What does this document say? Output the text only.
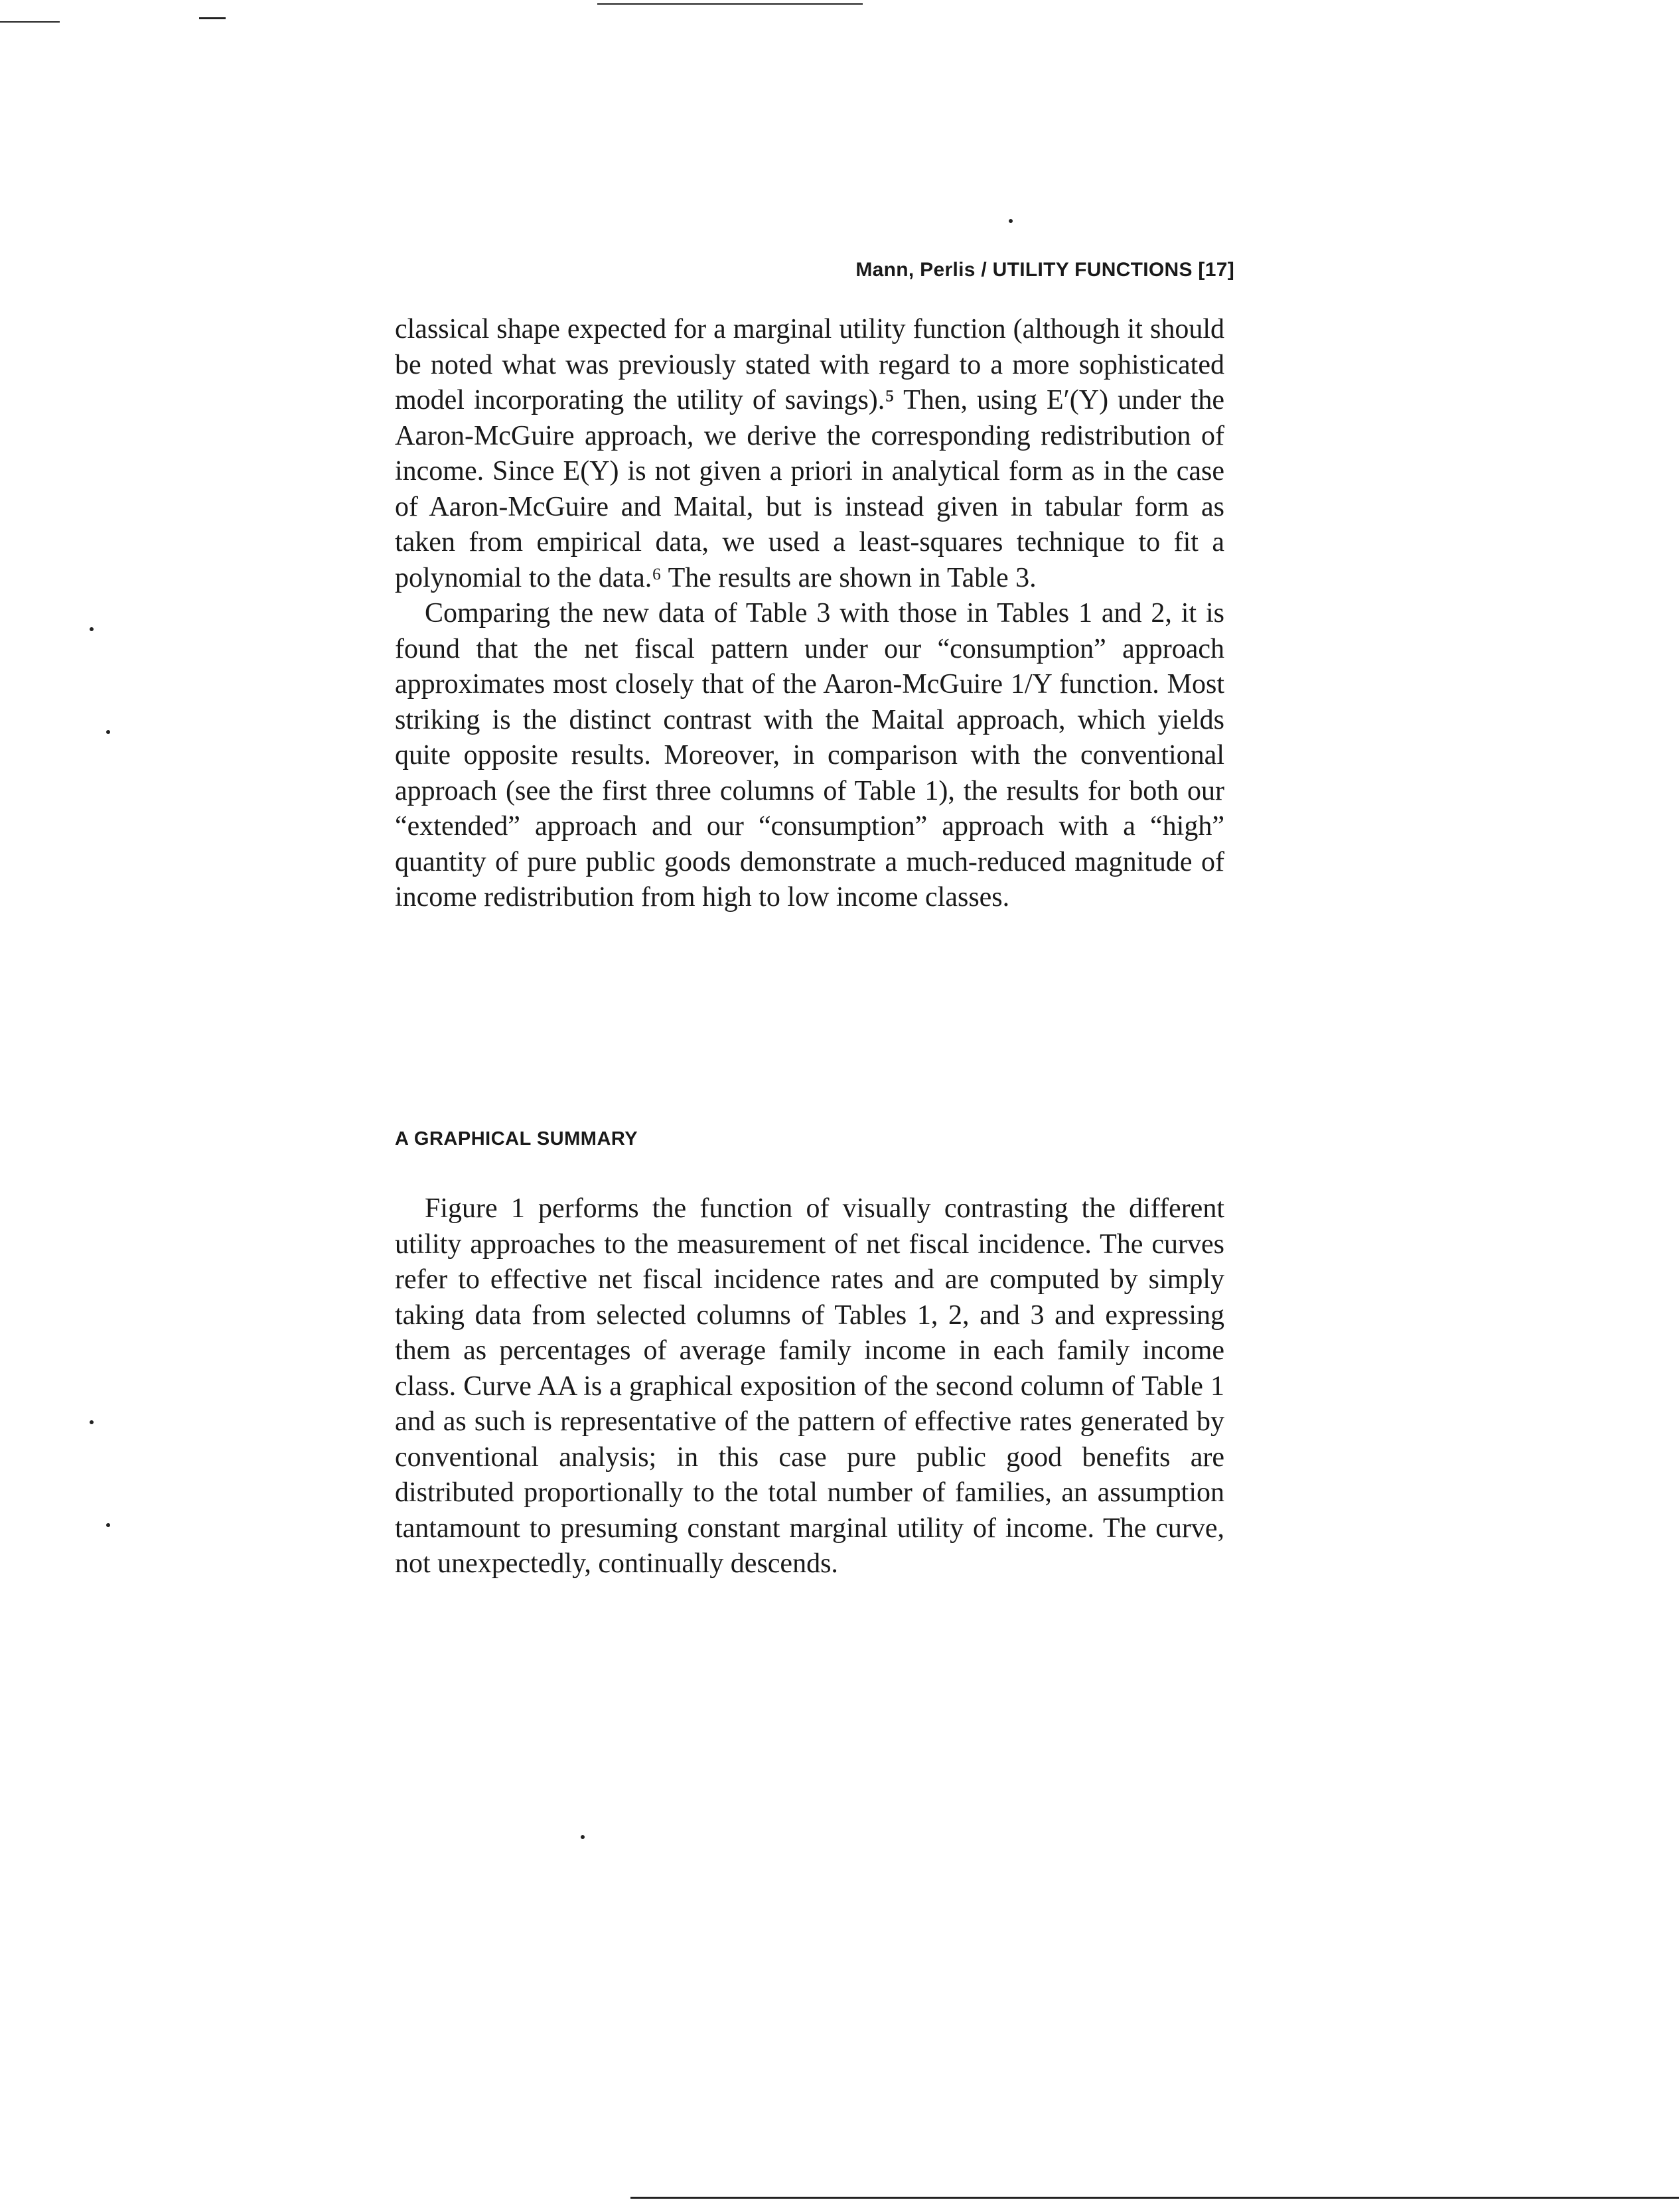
Mann, Perlis / UTILITY FUNCTIONS [17]

classical shape expected for a marginal utility function (although it should be noted what was previously stated with regard to a more sophisticated model incorporating the utility of savings).⁵ Then, using E′(Y) under the Aaron-McGuire approach, we derive the corresponding redistribution of income. Since E(Y) is not given a priori in analytical form as in the case of Aaron-McGuire and Maital, but is instead given in tabular form as taken from empirical data, we used a least-squares technique to fit a polynomial to the data.⁶ The results are shown in Table 3.

Comparing the new data of Table 3 with those in Tables 1 and 2, it is found that the net fiscal pattern under our “consumption” approach approximates most closely that of the Aaron-McGuire 1/Y function. Most striking is the distinct contrast with the Maital approach, which yields quite opposite results. Moreover, in comparison with the conventional approach (see the first three columns of Table 1), the results for both our “extended” approach and our “consumption” approach with a “high” quantity of pure public goods demonstrate a much-reduced magnitude of income redistribution from high to low income classes.

A GRAPHICAL SUMMARY

Figure 1 performs the function of visually contrasting the different utility approaches to the measurement of net fiscal incidence. The curves refer to effective net fiscal incidence rates and are computed by simply taking data from selected columns of Tables 1, 2, and 3 and expressing them as percentages of average family income in each family income class. Curve AA is a graphical exposition of the second column of Table 1 and as such is representative of the pattern of effective rates generated by conventional analysis; in this case pure public good benefits are distributed proportionally to the total number of families, an assumption tantamount to presuming constant marginal utility of income. The curve, not unexpectedly, continually descends.
